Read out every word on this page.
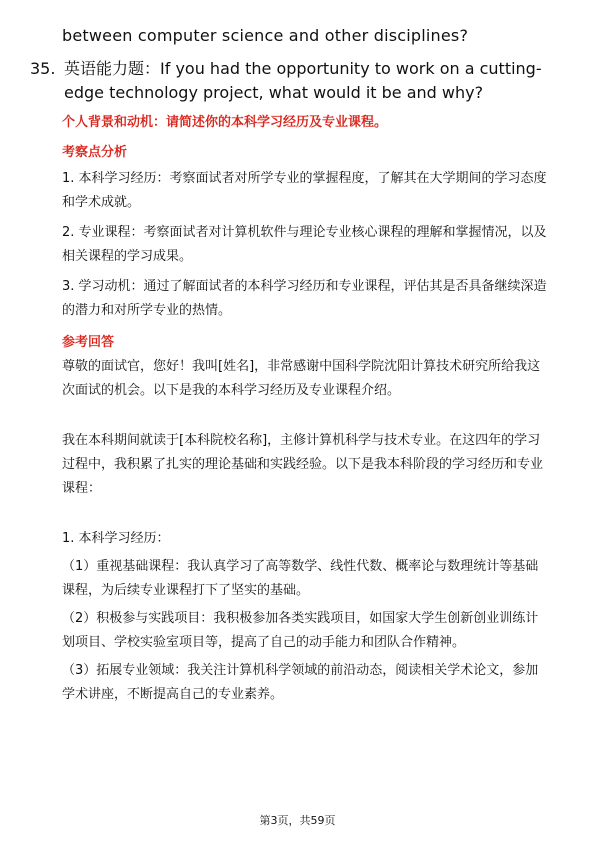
between computer science and other disciplines?
35. 英语能力题：If you had the opportunity to work on a cutting-edge technology project, what would it be and why?
个人背景和动机：请简述你的本科学习经历及专业课程。
考察点分析
1. 本科学习经历：考察面试者对所学专业的掌握程度，了解其在大学期间的学习态度和学术成就。
2. 专业课程：考察面试者对计算机软件与理论专业核心课程的理解和掌握情况，以及相关课程的学习成果。
3. 学习动机：通过了解面试者的本科学习经历和专业课程，评估其是否具备继续深造的潜力和对所学专业的热情。
参考回答
尊敬的面试官，您好！我叫[姓名]，非常感谢中国科学院沈阳计算技术研究所给我这次面试的机会。以下是我的本科学习经历及专业课程介绍。
我在本科期间就读于[本科院校名称]，主修计算机科学与技术专业。在这四年的学习过程中，我积累了扎实的理论基础和实践经验。以下是我本科阶段的学习经历和专业课程：
1. 本科学习经历：
（1）重视基础课程：我认真学习了高等数学、线性代数、概率论与数理统计等基础课程，为后续专业课程打下了坚实的基础。
（2）积极参与实践项目：我积极参加各类实践项目，如国家大学生创新创业训练计划项目、学校实验室项目等，提高了自己的动手能力和团队合作精神。
（3）拓展专业领域：我关注计算机科学领域的前沿动态，阅读相关学术论文，参加学术讲座，不断提高自己的专业素养。
第3页，共59页
